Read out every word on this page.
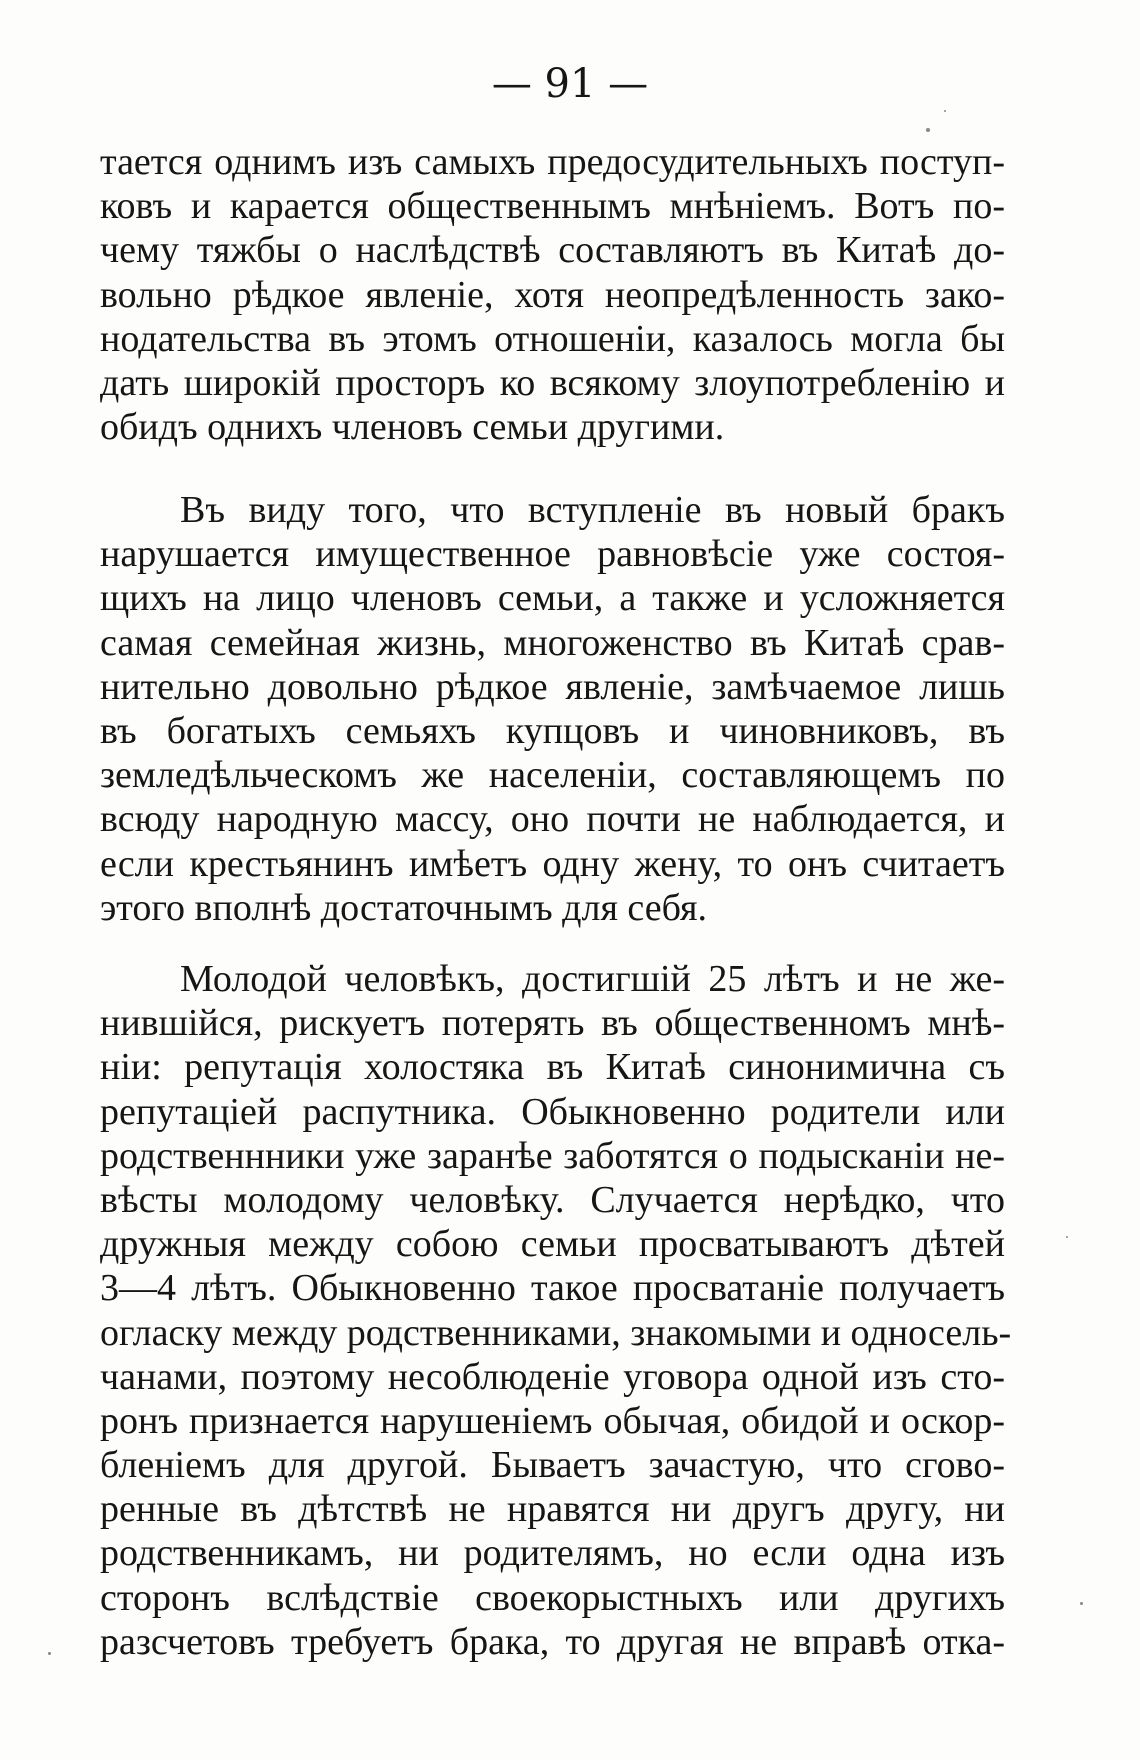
— 91 —
тается однимъ изъ самыхъ предосудительныхъ поступ-
ковъ и карается общественнымъ мнѣніемъ. Вотъ по-
чему тяжбы о наслѣдствѣ составляютъ въ Китаѣ до-
вольно рѣдкое явленіе, хотя неопредѣленность зако-
нодательства въ этомъ отношеніи, казалось могла бы
дать широкій просторъ ко всякому злоупотребленію и
обидъ однихъ членовъ семьи другими.
Въ виду того, что вступленіе въ новый бракъ
нарушается имущественное равновѣсіе уже состоя-
щихъ на лицо членовъ семьи, а также и усложняется
самая семейная жизнь, многоженство въ Китаѣ срав-
нительно довольно рѣдкое явленіе, замѣчаемое лишь
въ богатыхъ семьяхъ купцовъ и чиновниковъ, въ
земледѣльческомъ же населеніи, составляющемъ по
всюду народную массу, оно почти не наблюдается, и
если крестьянинъ имѣетъ одну жену, то онъ считаетъ
этого вполнѣ достаточнымъ для себя.
Молодой человѣкъ, достигшій 25 лѣтъ и не же-
нившійся, рискуетъ потерять въ общественномъ мнѣ-
ніи: репутація холостяка въ Китаѣ синонимична съ
репутаціей распутника. Обыкновенно родители или
родственнники уже заранѣе заботятся о подысканіи не-
вѣсты молодому человѣку. Случается нерѣдко, что
дружныя между собою семьи просватываютъ дѣтей
3—4 лѣтъ. Обыкновенно такое просватаніе получаетъ
огласку между родственниками, знакомыми и односель-
чанами, поэтому несоблюденіе уговора одной изъ сто-
ронъ признается нарушеніемъ обычая, обидой и оскор-
бленіемъ для другой. Бываетъ зачастую, что сгово-
ренные въ дѣтствѣ не нравятся ни другъ другу, ни
родственникамъ, ни родителямъ, но если одна изъ
сторонъ вслѣдствіе своекорыстныхъ или другихъ
разсчетовъ требуетъ брака, то другая не вправѣ отка-
